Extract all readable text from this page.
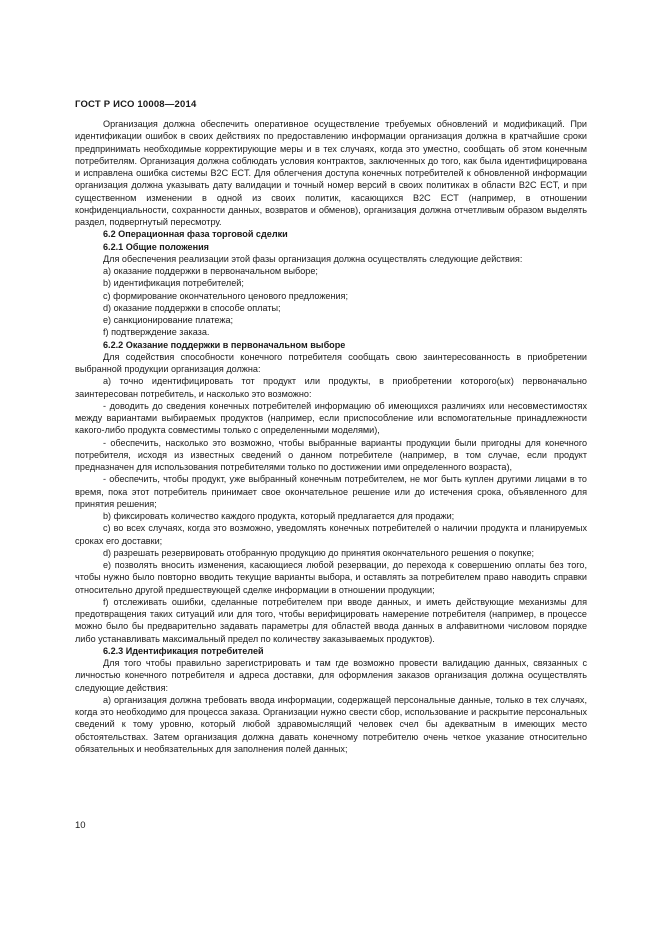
ГОСТ Р ИСО 10008—2014

Организация должна обеспечить оперативное осуществление требуемых обновлений и модификаций. При идентификации ошибок в своих действиях по предоставлению информации организация должна в кратчайшие сроки предпринимать необходимые корректирующие меры и в тех случаях, когда это уместно, сообщать об этом конечным потребителям. Организация должна соблюдать условия контрактов, заключенных до того, как была идентифицирована и исправлена ошибка системы B2C ECT. Для облегчения доступа конечных потребителей к обновленной информации организация должна указывать дату валидации и точный номер версий в своих политиках в области B2C ECT, и при существенном изменении в одной из своих политик, касающихся B2C ECT (например, в отношении конфиденциальности, сохранности данных, возвратов и обменов), организация должна отчетливым образом выделять раздел, подвергнутый пересмотру.

6.2 Операционная фаза торговой сделки

6.2.1 Общие положения

Для обеспечения реализации этой фазы организация должна осуществлять следующие действия:

a) оказание поддержки в первоначальном выборе;

b) идентификация потребителей;

c) формирование окончательного ценового предложения;

d) оказание поддержки в способе оплаты;

e) санкционирование платежа;

f) подтверждение заказа.

6.2.2 Оказание поддержки в первоначальном выборе

Для содействия способности конечного потребителя сообщать свою заинтересованность в приобретении выбранной продукции организация должна:

a) точно идентифицировать тот продукт или продукты, в приобретении которого(ых) первоначально заинтересован потребитель, и насколько это возможно:

- доводить до сведения конечных потребителей информацию об имеющихся различиях или несовместимостях между вариантами выбираемых продуктов (например, если приспособление или вспомогательные принадлежности какого-либо продукта совместимы только с определенными моделями),

- обеспечить, насколько это возможно, чтобы выбранные варианты продукции были пригодны для конечного потребителя, исходя из известных сведений о данном потребителе (например, в том случае, если продукт предназначен для использования потребителями только по достижении ими определенного возраста),

- обеспечить, чтобы продукт, уже выбранный конечным потребителем, не мог быть куплен другими лицами в то время, пока этот потребитель принимает свое окончательное решение или до истечения срока, объявленного для принятия решения;

b) фиксировать количество каждого продукта, который предлагается для продажи;

c) во всех случаях, когда это возможно, уведомлять конечных потребителей о наличии продукта и планируемых сроках его доставки;

d) разрешать резервировать отобранную продукцию до принятия окончательного решения о покупке;

e) позволять вносить изменения, касающиеся любой резервации, до перехода к совершению оплаты без того, чтобы нужно было повторно вводить текущие варианты выбора, и оставлять за потребителем право наводить справки относительно другой предшествующей сделке информации в отношении продукции;

f) отслеживать ошибки, сделанные потребителем при вводе данных, и иметь действующие механизмы для предотвращения таких ситуаций или для того, чтобы верифицировать намерение потребителя (например, в процессе можно было бы предварительно задавать параметры для областей ввода данных в алфавитноми числовом порядке либо устанавливать максимальный предел по количеству заказываемых продуктов).

6.2.3 Идентификация потребителей

Для того чтобы правильно зарегистрировать и там где возможно провести валидацию данных, связанных с личностью конечного потребителя и адреса доставки, для оформления заказов организация должна осуществлять следующие действия:

a) организация должна требовать ввода информации, содержащей персональные данные, только в тех случаях, когда это необходимо для процесса заказа. Организации нужно свести сбор, использование и раскрытие персональных сведений к тому уровню, который любой здравомыслящий человек счел бы адекватным в имеющих место обстоятельствах. Затем организация должна давать конечному потребителю очень четкое указание относительно обязательных и необязательных для заполнения полей данных;

10
